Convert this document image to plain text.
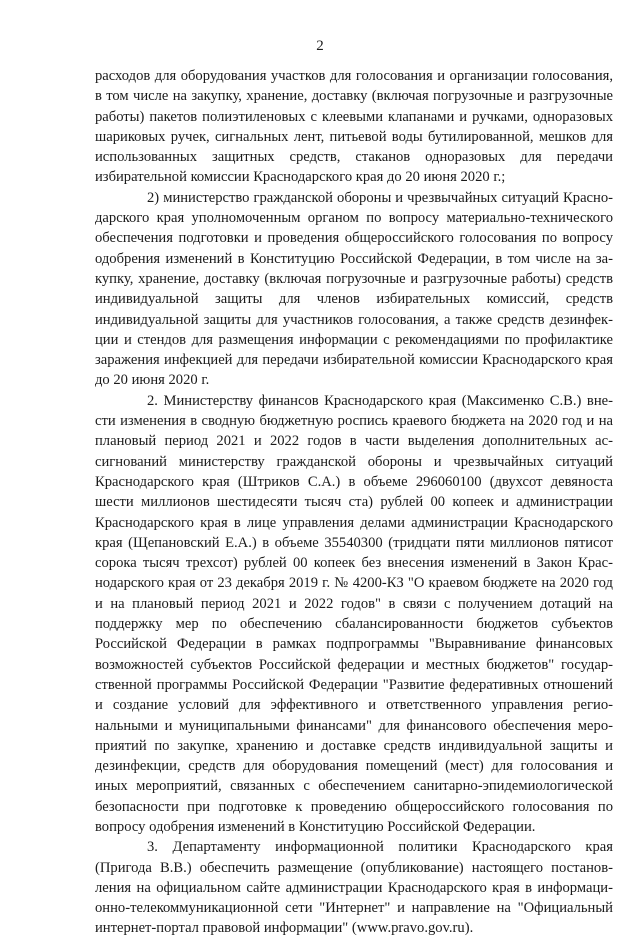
2

расходов для оборудования участков для голосования и организации голосования, в том числе на закупку, хранение, доставку (включая погрузочные и разгрузочные работы) пакетов полиэтиленовых с клеевыми клапанами и ручками, одноразовых шариковых ручек, сигнальных лент, питьевой воды бутилированной, мешков для использованных защитных средств, стаканов одноразовых для передачи избирательной комиссии Краснодарского края до 20 июня 2020 г.;

2) министерство гражданской обороны и чрезвычайных ситуаций Краснодарского края уполномоченным органом по вопросу материально-технического обеспечения подготовки и проведения общероссийского голосования по вопросу одобрения изменений в Конституцию Российской Федерации, в том числе на закупку, хранение, доставку (включая погрузочные и разгрузочные работы) средств индивидуальной защиты для членов избирательных комиссий, средств индивидуальной защиты для участников голосования, а также средств дезинфекции и стендов для размещения информации с рекомендациями по профилактике заражения инфекцией для передачи избирательной комиссии Краснодарского края до 20 июня 2020 г.

2. Министерству финансов Краснодарского края (Максименко С.В.) внести изменения в сводную бюджетную роспись краевого бюджета на 2020 год и на плановый период 2021 и 2022 годов в части выделения дополнительных ассигнований министерству гражданской обороны и чрезвычайных ситуаций Краснодарского края (Штриков С.А.) в объеме 296060100 (двухсот девяноста шести миллионов шестидесяти тысяч ста) рублей 00 копеек и администрации Краснодарского края в лице управления делами администрации Краснодарского края (Щепановский Е.А.) в объеме 35540300 (тридцати пяти миллионов пятисот сорока тысяч трехсот) рублей 00 копеек без внесения изменений в Закон Краснодарского края от 23 декабря 2019 г. № 4200-КЗ "О краевом бюджете на 2020 год и на плановый период 2021 и 2022 годов" в связи с получением дотаций на поддержку мер по обеспечению сбалансированности бюджетов субъектов Российской Федерации в рамках подпрограммы "Выравнивание финансовых возможностей субъектов Российской федерации и местных бюджетов" государственной программы Российской Федерации "Развитие федеративных отношений и создание условий для эффективного и ответственного управления региональными и муниципальными финансами" для финансового обеспечения мероприятий по закупке, хранению и доставке средств индивидуальной защиты и дезинфекции, средств для оборудования помещений (мест) для голосования и иных мероприятий, связанных с обеспечением санитарно-эпидемиологической безопасности при подготовке к проведению общероссийского голосования по вопросу одобрения изменений в Конституцию Российской Федерации.

3. Департаменту информационной политики Краснодарского края (Пригода В.В.) обеспечить размещение (опубликование) настоящего постановления на официальном сайте администрации Краснодарского края в информационно-телекоммуникационной сети "Интернет" и направление на "Официальный интернет-портал правовой информации" (www.pravo.gov.ru).
